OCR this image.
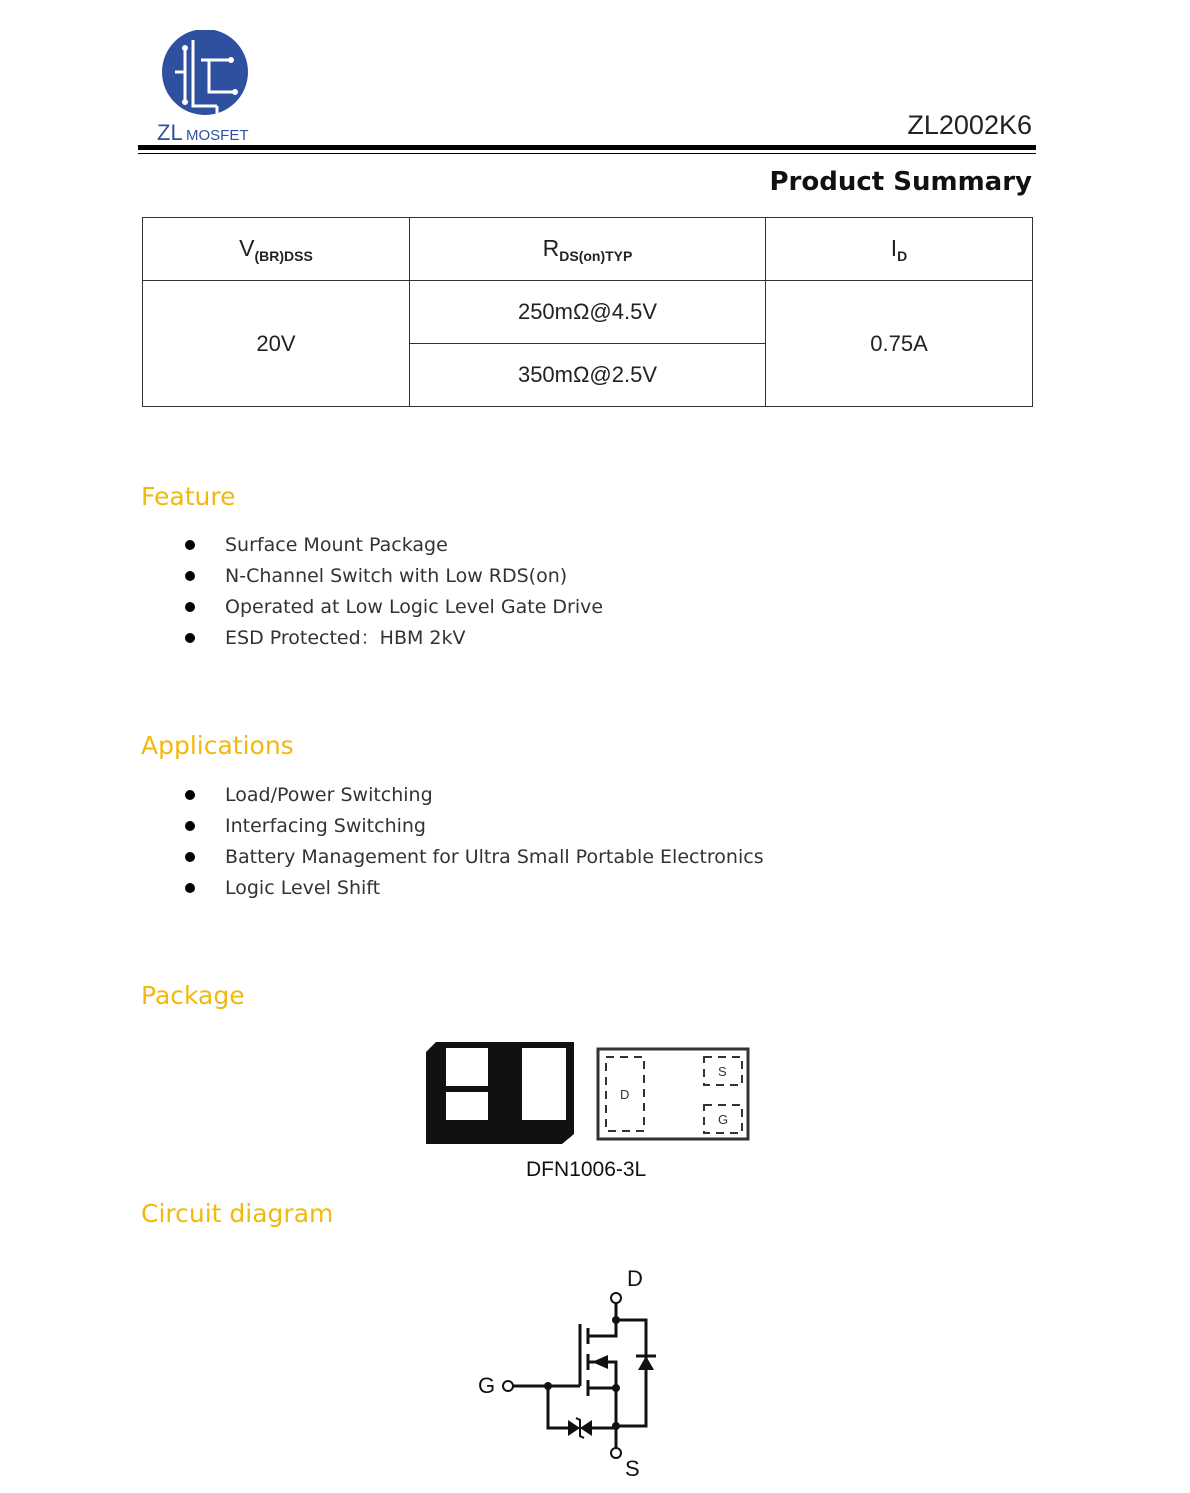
ZL MOSFET	ZL2002K6
Product Summary
$V_{(BR)DSS}$	$R_{DS(on)TYP}$	$I_D$
20V	250mΩ@4.5V	0.75A
	350mΩ@2.5V	
Feature
Surface Mount Package
N-Channel Switch with Low RDS(on)
Operated at Low Logic Level Gate Drive
ESD Protected：HBM 2kV
Applications
Load/Power Switching
Interfacing Switching
Battery Management for Ultra Small Portable Electronics
Logic Level Shift
Package
D
S
G
DFN1006-3L
Circuit diagram
D
G
S
